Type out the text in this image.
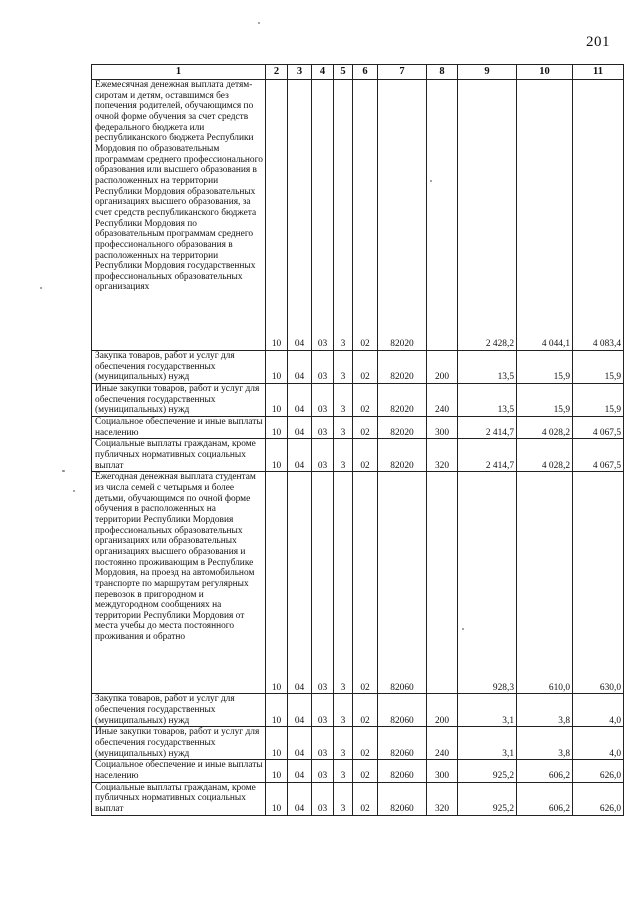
201
1	2	3	4	5	6	7	8	9	10	11
Ежемесячная денежная выплата детям-сиротам и детям, оставшимся без попечения родителей, обучающимся по очной форме обучения за счет средств федерального бюджета или республиканского бюджета Республики Мордовия по образовательным программам среднего профессионального образования или высшего образования в расположенных на территории Республики Мордовия образовательных организациях высшего образования, за счет средств республиканского бюджета Республики Мордовия по образовательным программам среднего профессионального образования в расположенных на территории Республики Мордовия государственных профессиональных образовательных организациях	10	04	03	3	02	82020		2 428,2	4 044,1	4 083,4
Закупка товаров, работ и услуг для обеспечения государственных (муниципальных) нужд	10	04	03	3	02	82020	200	13,5	15,9	15,9
Иные закупки товаров, работ и услуг для обеспечения государственных (муниципальных) нужд	10	04	03	3	02	82020	240	13,5	15,9	15,9
Социальное обеспечение и иные выплаты населению	10	04	03	3	02	82020	300	2 414,7	4 028,2	4 067,5
Социальные выплаты гражданам, кроме публичных нормативных социальных выплат	10	04	03	3	02	82020	320	2 414,7	4 028,2	4 067,5
Ежегодная денежная выплата студентам из числа семей с четырьмя и более детьми, обучающимся по очной форме обучения в расположенных на территории Республики Мордовия профессиональных образовательных организациях или образовательных организациях высшего образования и постоянно проживающим в Республике Мордовия, на проезд на автомобильном транспорте по маршрутам регулярных перевозок в пригородном и междугородном сообщениях на территории Республики Мордовия от места учебы до места постоянного проживания и обратно	10	04	03	3	02	82060		928,3	610,0	630,0
Закупка товаров, работ и услуг для обеспечения государственных (муниципальных) нужд	10	04	03	3	02	82060	200	3,1	3,8	4,0
Иные закупки товаров, работ и услуг для обеспечения государственных (муниципальных) нужд	10	04	03	3	02	82060	240	3,1	3,8	4,0
Социальное обеспечение и иные выплаты населению	10	04	03	3	02	82060	300	925,2	606,2	626,0
Социальные выплаты гражданам, кроме публичных нормативных социальных выплат	10	04	03	3	02	82060	320	925,2	606,2	626,0
